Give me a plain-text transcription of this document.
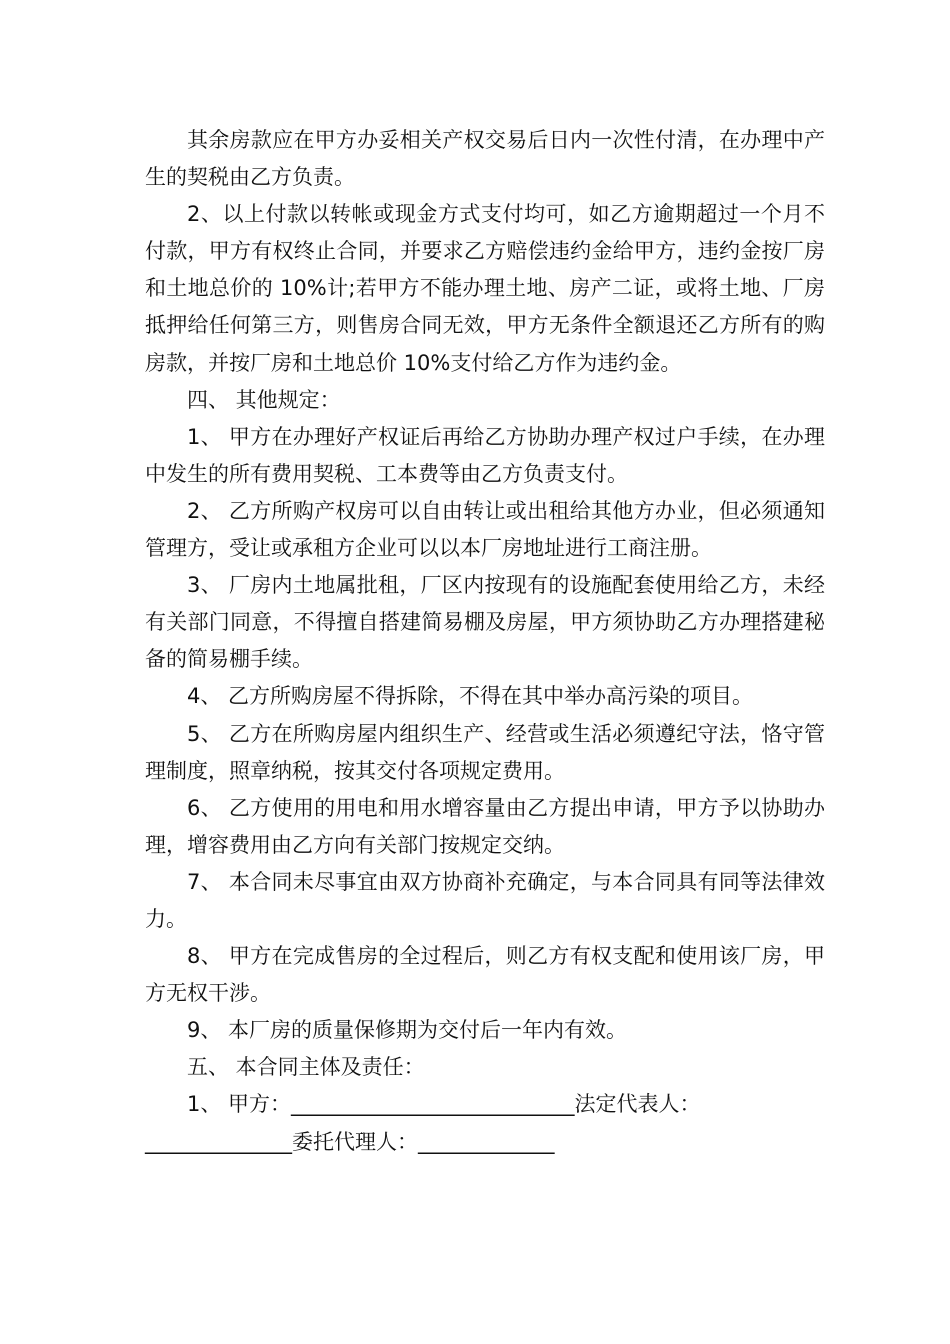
其余房款应在甲方办妥相关产权交易后日内一次性付清，在办理中产生的契税由乙方负责。

2、以上付款以转帐或现金方式支付均可，如乙方逾期超过一个月不付款，甲方有权终止合同，并要求乙方赔偿违约金给甲方，违约金按厂房和土地总价的 10%计;若甲方不能办理土地、房产二证，或将土地、厂房抵押给任何第三方，则售房合同无效，甲方无条件全额退还乙方所有的购房款，并按厂房和土地总价 10%支付给乙方作为违约金。

四、 其他规定：

1、 甲方在办理好产权证后再给乙方协助办理产权过户手续，在办理中发生的所有费用契税、工本费等由乙方负责支付。

2、 乙方所购产权房可以自由转让或出租给其他方办业，但必须通知管理方，受让或承租方企业可以以本厂房地址进行工商注册。

3、 厂房内土地属批租，厂区内按现有的设施配套使用给乙方，未经有关部门同意，不得擅自搭建简易棚及房屋，甲方须协助乙方办理搭建秘备的简易棚手续。

4、 乙方所购房屋不得拆除，不得在其中举办高污染的项目。

5、 乙方在所购房屋内组织生产、经营或生活必须遵纪守法，恪守管理制度，照章纳税，按其交付各项规定费用。

6、 乙方使用的用电和用水增容量由乙方提出申请，甲方予以协助办理，增容费用由乙方向有关部门按规定交纳。

7、 本合同未尽事宜由双方协商补充确定，与本合同具有同等法律效力。

8、 甲方在完成售房的全过程后，则乙方有权支配和使用该厂房，甲方无权干涉。

9、 本厂房的质量保修期为交付后一年内有效。

五、 本合同主体及责任：

1、 甲方：___________________________法定代表人：______________委托代理人：_____________
